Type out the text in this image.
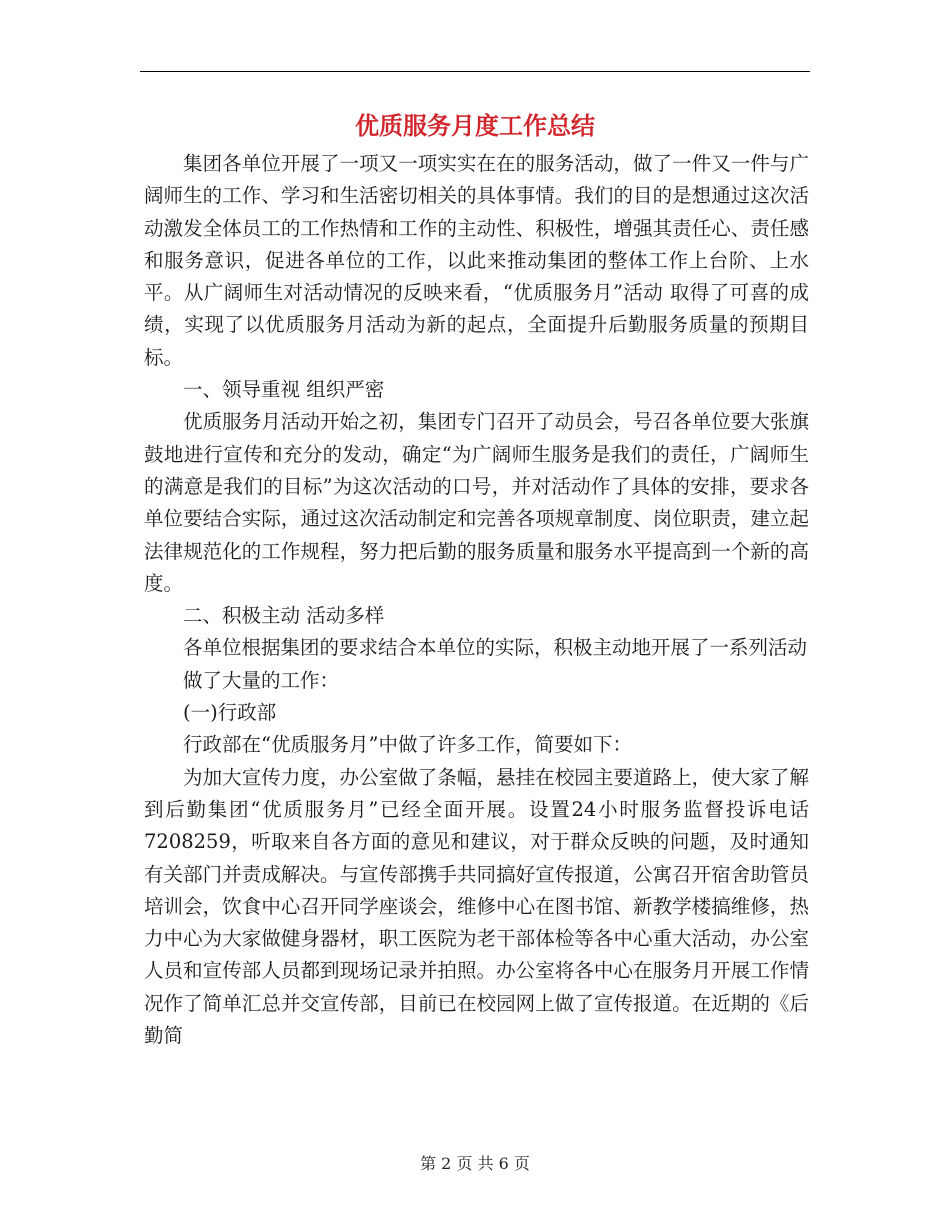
优质服务月度工作总结

集团各单位开展了一项又一项实实在在的服务活动，做了一件又一件与广阔师生的工作、学习和生活密切相关的具体事情。我们的目的是想通过这次活动激发全体员工的工作热情和工作的主动性、积极性，增强其责任心、责任感和服务意识，促进各单位的工作，以此来推动集团的整体工作上台阶、上水平。从广阔师生对活动情况的反映来看，“优质服务月”活动 取得了可喜的成绩，实现了以优质服务月活动为新的起点，全面提升后勤服务质量的预期目标。

一、领导重视 组织严密

优质服务月活动开始之初，集团专门召开了动员会，号召各单位要大张旗鼓地进行宣传和充分的发动，确定“为广阔师生服务是我们的责任，广阔师生的满意是我们的目标”为这次活动的口号，并对活动作了具体的安排，要求各单位要结合实际，通过这次活动制定和完善各项规章制度、岗位职责，建立起法律规范化的工作规程，努力把后勤的服务质量和服务水平提高到一个新的高度。

二、积极主动 活动多样

各单位根据集团的要求结合本单位的实际，积极主动地开展了一系列活动

做了大量的工作：

(一)行政部

行政部在“优质服务月”中做了许多工作，简要如下：

为加大宣传力度，办公室做了条幅，悬挂在校园主要道路上，使大家了解到后勤集团“优质服务月”已经全面开展。设置24小时服务监督投诉电话7208259，听取来自各方面的意见和建议，对于群众反映的问题，及时通知有关部门并责成解决。与宣传部携手共同搞好宣传报道，公寓召开宿舍助管员培训会，饮食中心召开同学座谈会，维修中心在图书馆、新教学楼搞维修，热力中心为大家做健身器材，职工医院为老干部体检等各中心重大活动，办公室人员和宣传部人员都到现场记录并拍照。办公室将各中心在服务月开展工作情况作了简单汇总并交宣传部，目前已在校园网上做了宣传报道。在近期的《后勤简

第 2 页 共 6 页
